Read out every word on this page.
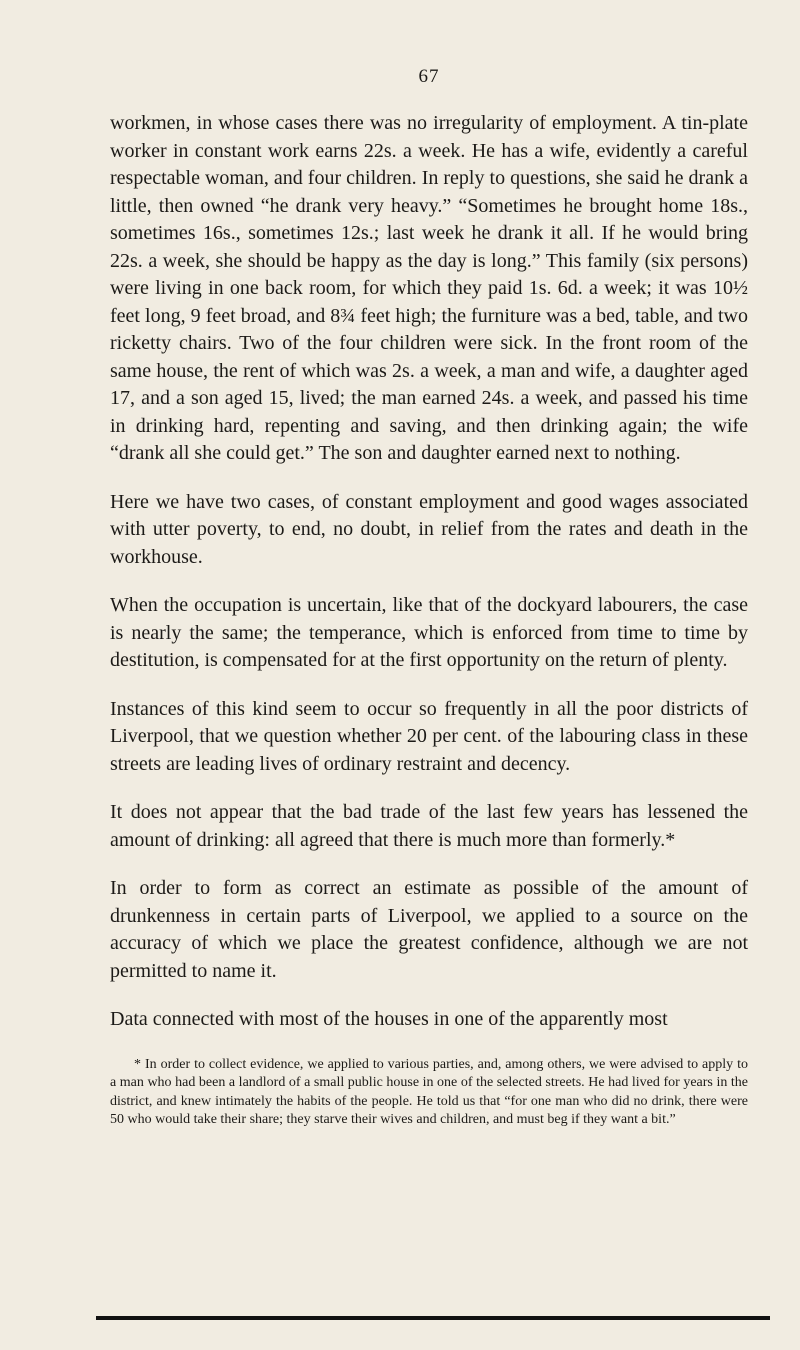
67

workmen, in whose cases there was no irregularity of employment. A tin-plate worker in constant work earns 22s. a week. He has a wife, evidently a careful respectable woman, and four children. In reply to questions, she said he drank a little, then owned “he drank very heavy.” “Sometimes he brought home 18s., sometimes 16s., sometimes 12s.; last week he drank it all. If he would bring 22s. a week, she should be happy as the day is long.” This family (six persons) were living in one back room, for which they paid 1s. 6d. a week; it was 10½ feet long, 9 feet broad, and 8¾ feet high; the furniture was a bed, table, and two ricketty chairs. Two of the four children were sick. In the front room of the same house, the rent of which was 2s. a week, a man and wife, a daughter aged 17, and a son aged 15, lived; the man earned 24s. a week, and passed his time in drinking hard, repenting and saving, and then drinking again; the wife “drank all she could get.” The son and daughter earned next to nothing.

Here we have two cases, of constant employment and good wages associated with utter poverty, to end, no doubt, in relief from the rates and death in the workhouse.

When the occupation is uncertain, like that of the dockyard labourers, the case is nearly the same; the temperance, which is enforced from time to time by destitution, is compensated for at the first opportunity on the return of plenty.

Instances of this kind seem to occur so frequently in all the poor districts of Liverpool, that we question whether 20 per cent. of the labouring class in these streets are leading lives of ordinary restraint and decency.

It does not appear that the bad trade of the last few years has lessened the amount of drinking: all agreed that there is much more than formerly.*

In order to form as correct an estimate as possible of the amount of drunkenness in certain parts of Liverpool, we applied to a source on the accuracy of which we place the greatest confidence, although we are not permitted to name it.

Data connected with most of the houses in one of the apparently most

* In order to collect evidence, we applied to various parties, and, among others, we were advised to apply to a man who had been a landlord of a small public house in one of the selected streets. He had lived for years in the district, and knew intimately the habits of the people. He told us that “for one man who did no drink, there were 50 who would take their share; they starve their wives and children, and must beg if they want a bit.”
